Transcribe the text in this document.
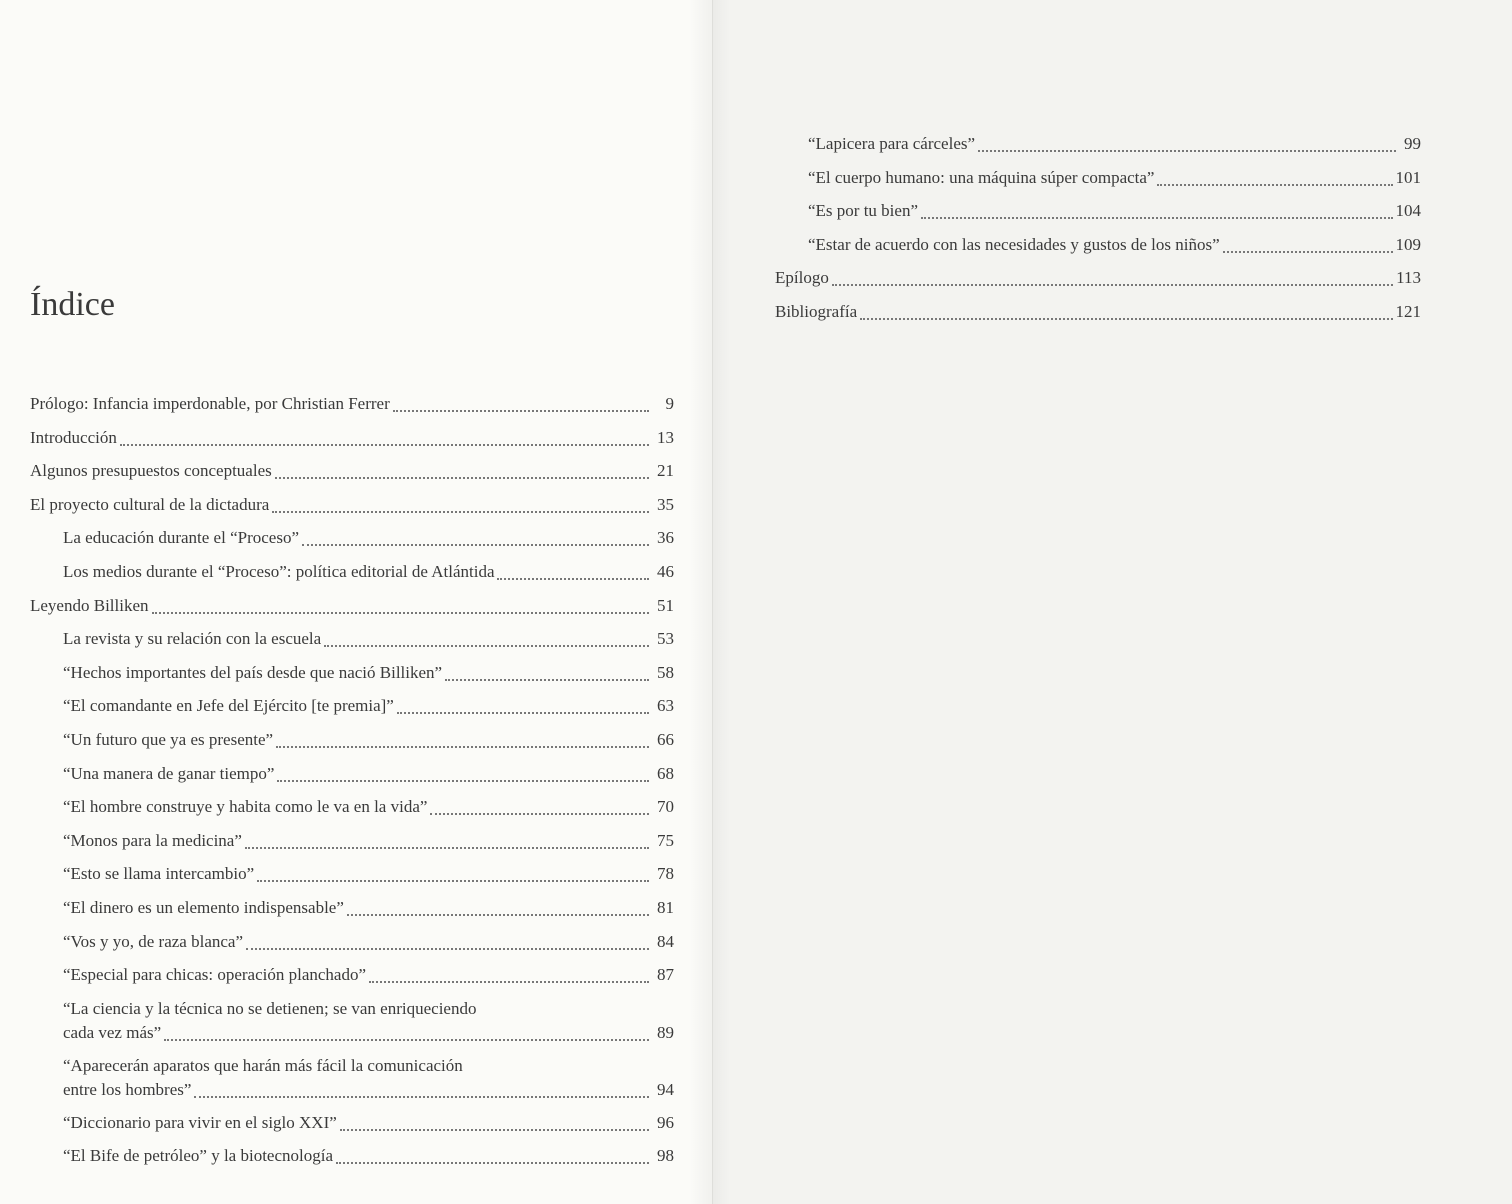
Índice
Prólogo: Infancia imperdonable, por Christian Ferrer	9
Introducción	13
Algunos presupuestos conceptuales	21
El proyecto cultural de la dictadura	35
La educación durante el “Proceso”	36
Los medios durante el “Proceso”: política editorial de Atlántida	46
Leyendo Billiken	51
La revista y su relación con la escuela	53
“Hechos importantes del país desde que nació Billiken”	58
“El comandante en Jefe del Ejército [te premia]”	63
“Un futuro que ya es presente”	66
“Una manera de ganar tiempo”	68
“El hombre construye y habita como le va en la vida”	70
“Monos para la medicina”	75
“Esto se llama intercambio”	78
“El dinero es un elemento indispensable”	81
“Vos y yo, de raza blanca”	84
“Especial para chicas: operación planchado”	87
“La ciencia y la técnica no se detienen; se van enriqueciendo
cada vez más”	89
“Aparecerán aparatos que harán más fácil la comunicación
entre los hombres”	94
“Diccionario para vivir en el siglo XXI”	96
“El Bife de petróleo” y la biotecnología	98
“Lapicera para cárceles”	99
“El cuerpo humano: una máquina súper compacta”	101
“Es por tu bien”	104
“Estar de acuerdo con las necesidades y gustos de los niños”	109
Epílogo	113
Bibliografía	121
